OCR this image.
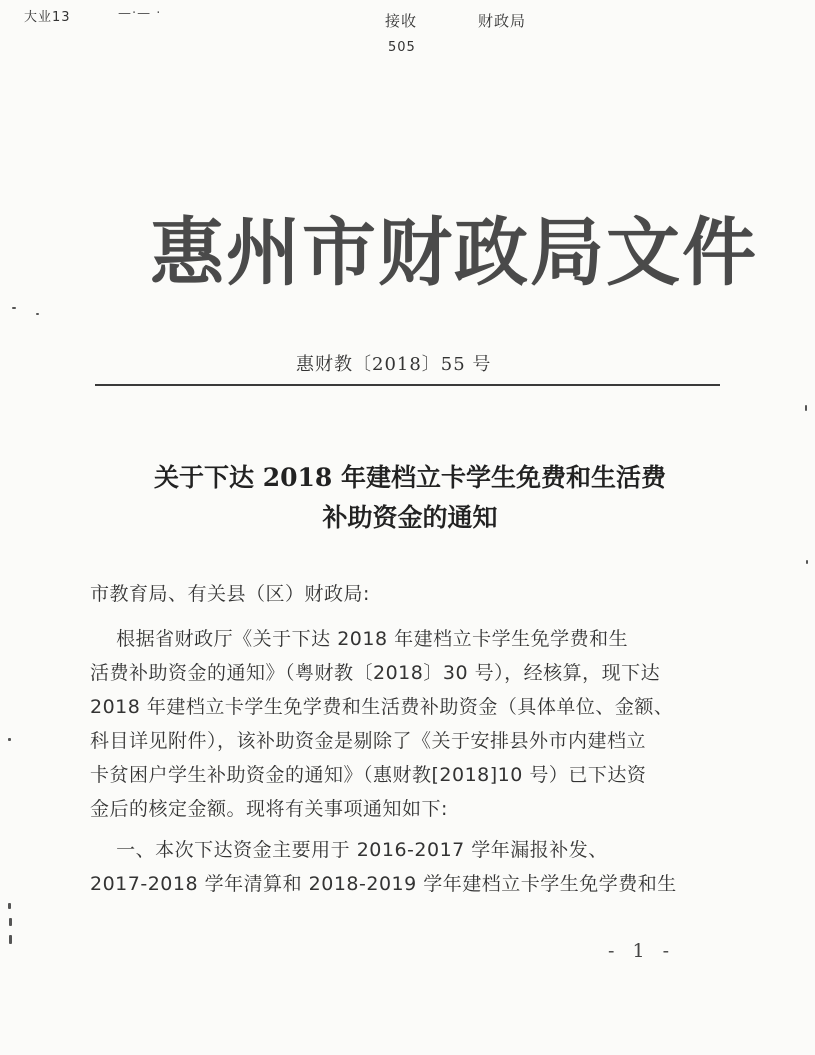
大业13	—·— ·	接收
505
财政局
惠州市财政局文件
惠财教〔2018〕55 号
关于下达 2018 年建档立卡学生免费和生活费
补助资金的通知
市教育局、有关县（区）财政局:
根据省财政厅《关于下达 2018 年建档立卡学生免学费和生
活费补助资金的通知》（粤财教〔2018〕30 号），经核算，现下达
2018 年建档立卡学生免学费和生活费补助资金（具体单位、金额、
科目详见附件），该补助资金是剔除了《关于安排县外市内建档立
卡贫困户学生补助资金的通知》（惠财教[2018]10 号）已下达资
金后的核定金额。现将有关事项通知如下:
一、本次下达资金主要用于 2016-2017 学年漏报补发、
2017-2018 学年清算和 2018-2019 学年建档立卡学生免学费和生
- 1 -
